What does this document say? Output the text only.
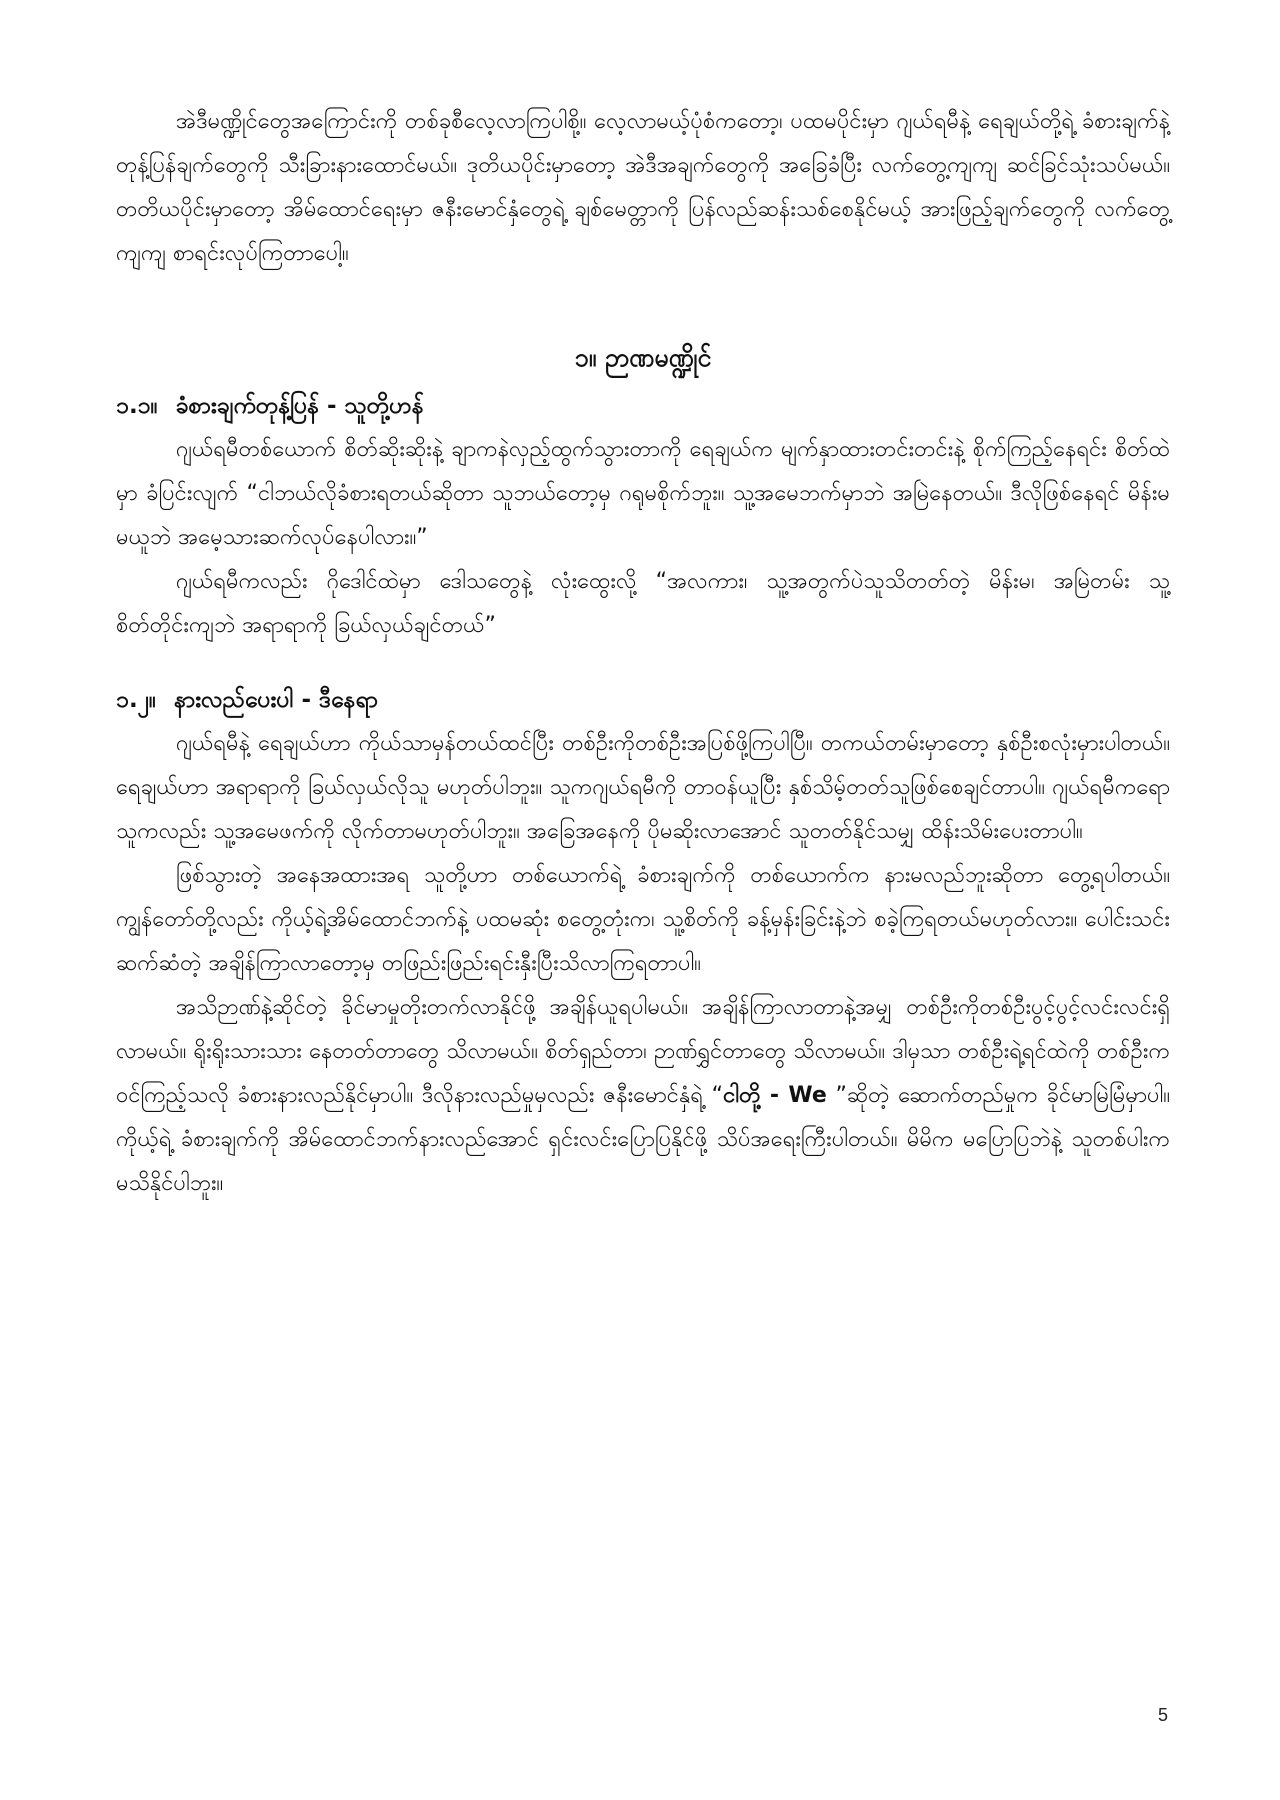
အဲဒီမဏ္ဍိုင်တွေအကြောင်းကို တစ်ခုစီလေ့လာကြပါစို့။ လေ့လာမယ့်ပုံစံကတော့၊ ပထမပိုင်းမှာ ဂျယ်ရမီနဲ့ ရေချယ်တို့ရဲ့ ခံစားချက်နဲ့တုန့်ပြန်ချက်တွေကို သီးခြားနားထောင်မယ်။ ဒုတိယပိုင်းမှာတော့ အဲဒီအချက်တွေကို အခြေခံပြီး လက်တွေ့ကျကျ ဆင်ခြင်သုံးသပ်မယ်။ တတိယပိုင်းမှာတော့ အိမ်ထောင်ရေးမှာ ဇနီးမောင်နှံတွေရဲ့ ချစ်မေတ္တာကို ပြန်လည်ဆန်းသစ်စေနိုင်မယ့် အားဖြည့်ချက်တွေကို လက်တွေ့ကျကျ စာရင်းလုပ်ကြတာပေါ့။

၁။ ဉာဏမဏ္ဍိုင်
၁.၁။ ခံစားချက်တုန့်ပြန် - သူတို့ဟန်

ဂျယ်ရမီတစ်ယောက် စိတ်ဆိုးဆိုးနဲ့ ချာကနဲလှည့်ထွက်သွားတာကို ရေချယ်က မျက်နှာထားတင်းတင်းနဲ့ စိုက်ကြည့်နေရင်း စိတ်ထဲမှာ ခံပြင်းလျက် “ငါဘယ်လိုခံစားရတယ်ဆိုတာ သူဘယ်တော့မှ ဂရုမစိုက်ဘူး။ သူ့အမေဘက်မှာဘဲ အမြဲနေတယ်။ ဒီလိုဖြစ်နေရင် မိန်းမမယူဘဲ အမေ့သားဆက်လုပ်နေပါလား။”

ဂျယ်ရမီကလည်း ဂိုဒေါင်ထဲမှာ ဒေါသတွေနဲ့ လုံးထွေးလို့ “အလကား၊ သူ့အတွက်ပဲသူသိတတ်တဲ့ မိန်းမ၊ အမြဲတမ်း သူ့စိတ်တိုင်းကျဘဲ အရာရာကို ခြယ်လှယ်ချင်တယ်”

၁.၂။ နားလည်ပေးပါ - ဒီနေရာ

ဂျယ်ရမီနဲ့ ရေချယ်ဟာ ကိုယ်သာမှန်တယ်ထင်ပြီး တစ်ဦးကိုတစ်ဦးအပြစ်ဖို့ကြပါပြီ။ တကယ်တမ်းမှာတော့ နှစ်ဦးစလုံးမှားပါတယ်။ ရေချယ်ဟာ အရာရာကို ခြယ်လှယ်လိုသူ မဟုတ်ပါဘူး။ သူကဂျယ်ရမီကို တာဝန်ယူပြီး နှစ်သိမ့်တတ်သူဖြစ်စေချင်တာပါ။ ဂျယ်ရမီကရော သူကလည်း သူ့အမေဖက်ကို လိုက်တာမဟုတ်ပါဘူး။ အခြေအနေကို ပိုမဆိုးလာအောင် သူတတ်နိုင်သမျှ ထိန်းသိမ်းပေးတာပါ။

ဖြစ်သွားတဲ့ အနေအထားအရ သူတို့ဟာ တစ်ယောက်ရဲ့ ခံစားချက်ကို တစ်ယောက်က နားမလည်ဘူးဆိုတာ တွေ့ရပါတယ်။ ကျွန်တော်တို့လည်း ကိုယ့်ရဲ့အိမ်ထောင်ဘက်နဲ့ ပထမဆုံး စတွေ့တုံးက၊ သူ့စိတ်ကို ခန့်မှန်းခြင်းနဲ့ဘဲ စခဲ့ကြရတယ်မဟုတ်လား။ ပေါင်းသင်းဆက်ဆံတဲ့ အချိန်ကြာလာတော့မှ တဖြည်းဖြည်းရင်းနှီးပြီးသိလာကြရတာပါ။

အသိဉာဏ်နဲ့ဆိုင်တဲ့ ခိုင်မာမှုတိုးတက်လာနိုင်ဖို့ အချိန်ယူရပါမယ်။ အချိန်ကြာလာတာနဲ့အမျှ တစ်ဦးကိုတစ်ဦးပွင့်ပွင့်လင်းလင်းရှိလာမယ်။ ရိုးရိုးသားသား နေတတ်တာတွေ သိလာမယ်။ စိတ်ရှည်တာ၊ ဉာဏ်ရွှင်တာတွေ သိလာမယ်။ ဒါမှသာ တစ်ဦးရဲ့ရင်ထဲကို တစ်ဦးကဝင်ကြည့်သလို ခံစားနားလည်နိုင်မှာပါ။ ဒီလိုနားလည်မှုမှလည်း ဇနီးမောင်နှံရဲ့ “ငါတို့ - We ”ဆိုတဲ့ ဆောက်တည်မှုက ခိုင်မာမြဲမြံမှာပါ။ ကိုယ့်ရဲ့ ခံစားချက်ကို အိမ်ထောင်ဘက်နားလည်အောင် ရှင်းလင်းပြောပြနိုင်ဖို့ သိပ်အရေးကြီးပါတယ်။ မိမိက မပြောပြဘဲနဲ့ သူတစ်ပါးက မသိနိုင်ပါဘူး။

5
